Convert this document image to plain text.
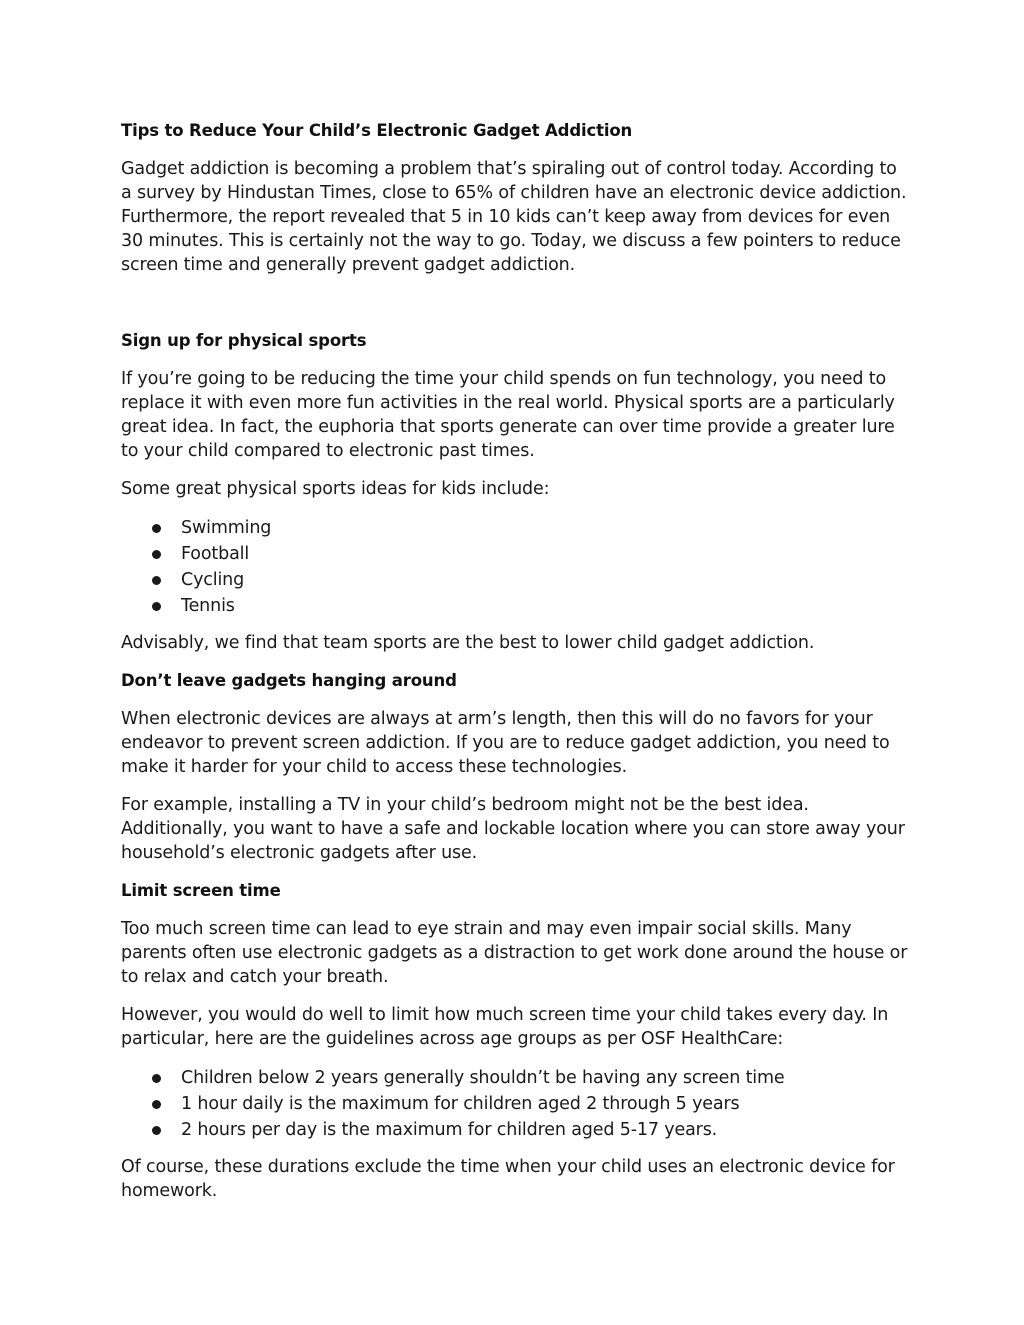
Tips to Reduce Your Child’s Electronic Gadget Addiction

Gadget addiction is becoming a problem that’s spiraling out of control today. According to a survey by Hindustan Times, close to 65% of children have an electronic device addiction. Furthermore, the report revealed that 5 in 10 kids can’t keep away from devices for even 30 minutes. This is certainly not the way to go. Today, we discuss a few pointers to reduce screen time and generally prevent gadget addiction.

Sign up for physical sports

If you’re going to be reducing the time your child spends on fun technology, you need to replace it with even more fun activities in the real world. Physical sports are a particularly great idea. In fact, the euphoria that sports generate can over time provide a greater lure to your child compared to electronic past times.

Some great physical sports ideas for kids include:

Swimming
Football
Cycling
Tennis

Advisably, we find that team sports are the best to lower child gadget addiction.

Don’t leave gadgets hanging around

When electronic devices are always at arm’s length, then this will do no favors for your endeavor to prevent screen addiction. If you are to reduce gadget addiction, you need to make it harder for your child to access these technologies.

For example, installing a TV in your child’s bedroom might not be the best idea. Additionally, you want to have a safe and lockable location where you can store away your household’s electronic gadgets after use.

Limit screen time

Too much screen time can lead to eye strain and may even impair social skills. Many parents often use electronic gadgets as a distraction to get work done around the house or to relax and catch your breath.

However, you would do well to limit how much screen time your child takes every day. In particular, here are the guidelines across age groups as per OSF HealthCare:

Children below 2 years generally shouldn’t be having any screen time
1 hour daily is the maximum for children aged 2 through 5 years
2 hours per day is the maximum for children aged 5-17 years.

Of course, these durations exclude the time when your child uses an electronic device for homework.
